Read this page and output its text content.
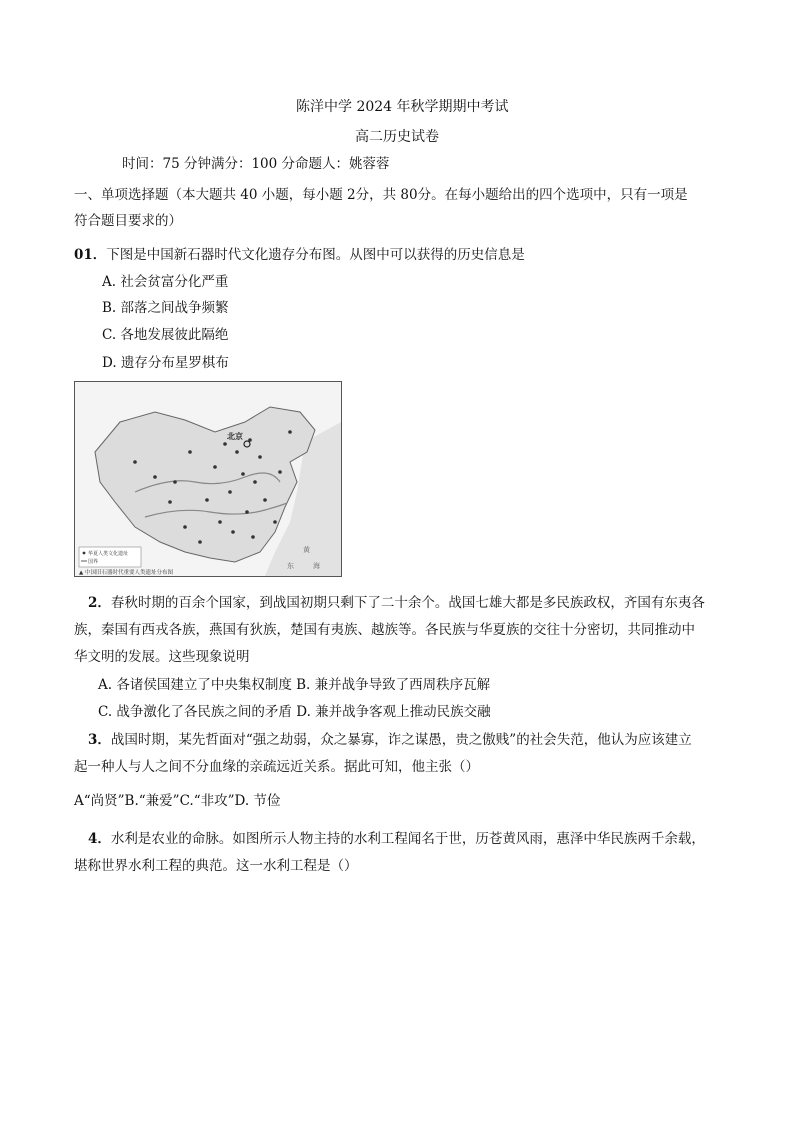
陈洋中学 2024 年秋学期期中考试
高二历史试卷
时间：75 分钟满分：100 分命题人：姚蓉蓉
一、单项选择题（本大题共 40 小题，每小题 2分，共 80分。在每小题给出的四个选项中，只有一项是
符合题目要求的）
01．下图是中国新石器时代文化遗存分布图。从图中可以获得的历史信息是
A. 社会贫富分化严重
B. 部落之间战争频繁
C. 各地发展彼此隔绝
D. 遗存分布星罗棋布
北京
黄
东	海
华夏人类文化遗址
国界
▲ 中国旧石器时代重要人类遗址分布图
2．春秋时期的百余个国家，到战国初期只剩下了二十余个。战国七雄大都是多民族政权，齐国有东夷各
族，秦国有西戎各族，燕国有狄族，楚国有夷族、越族等。各民族与华夏族的交往十分密切，共同推动中
华文明的发展。这些现象说明
A. 各诸侯国建立了中央集权制度 B. 兼并战争导致了西周秩序瓦解
C. 战争激化了各民族之间的矛盾 D. 兼并战争客观上推动民族交融
3．战国时期，某先哲面对“强之劫弱，众之暴寡，诈之谋愚，贵之傲贱”的社会失范，他认为应该建立
起一种人与人之间不分血缘的亲疏远近关系。据此可知，他主张（）
A“尚贤”B.“兼爱”C.“非攻”D. 节俭
4．水利是农业的命脉。如图所示人物主持的水利工程闻名于世，历苍黄风雨，惠泽中华民族两千余载，
堪称世界水利工程的典范。这一水利工程是（）
